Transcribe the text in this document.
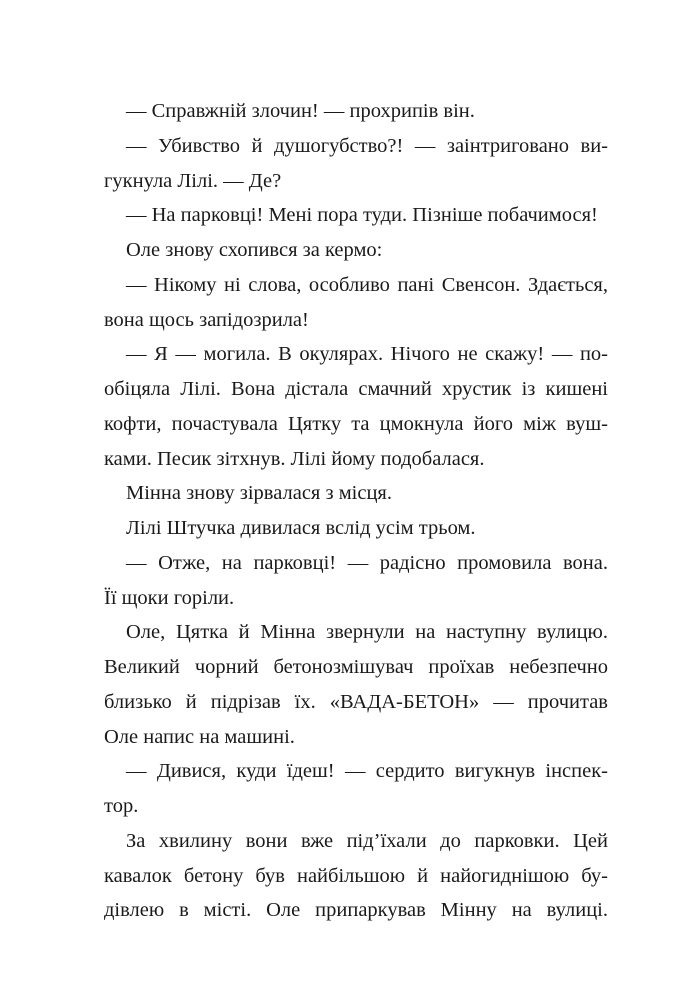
— Справжній злочин! — прохрипів він.
— Убивство й душогубство?! — заінтриговано ви-
гукнула Лілі. — Де?
— На парковці! Мені пора туди. Пізніше побачимося!
Оле знову схопився за кермо:
— Нікому ні слова, особливо пані Свенсон. Здається,
вона щось запідозрила!
— Я — могила. В окулярах. Нічого не скажу! — по-
обіцяла Лілі. Вона дістала смачний хрустик із кишені
кофти, почастувала Цятку та цмокнула його між вуш-
ками. Песик зітхнув. Лілі йому подобалася.
Мінна знову зірвалася з місця.
Лілі Штучка дивилася вслід усім трьом.
— Отже, на парковці! — радісно промовила вона.
Її щоки горіли.
Оле, Цятка й Мінна звернули на наступну вулицю.
Великий чорний бетонозмішувач проїхав небезпечно
близько й підрізав їх. «ВАДА-БЕТОН» — прочитав
Оле напис на машині.
— Дивися, куди їдеш! — сердито вигукнув інспек-
тор.
За хвилину вони вже під’їхали до парковки. Цей
кавалок бетону був найбільшою й найогиднішою бу-
дівлею в місті. Оле припаркував Мінну на вулиці.
